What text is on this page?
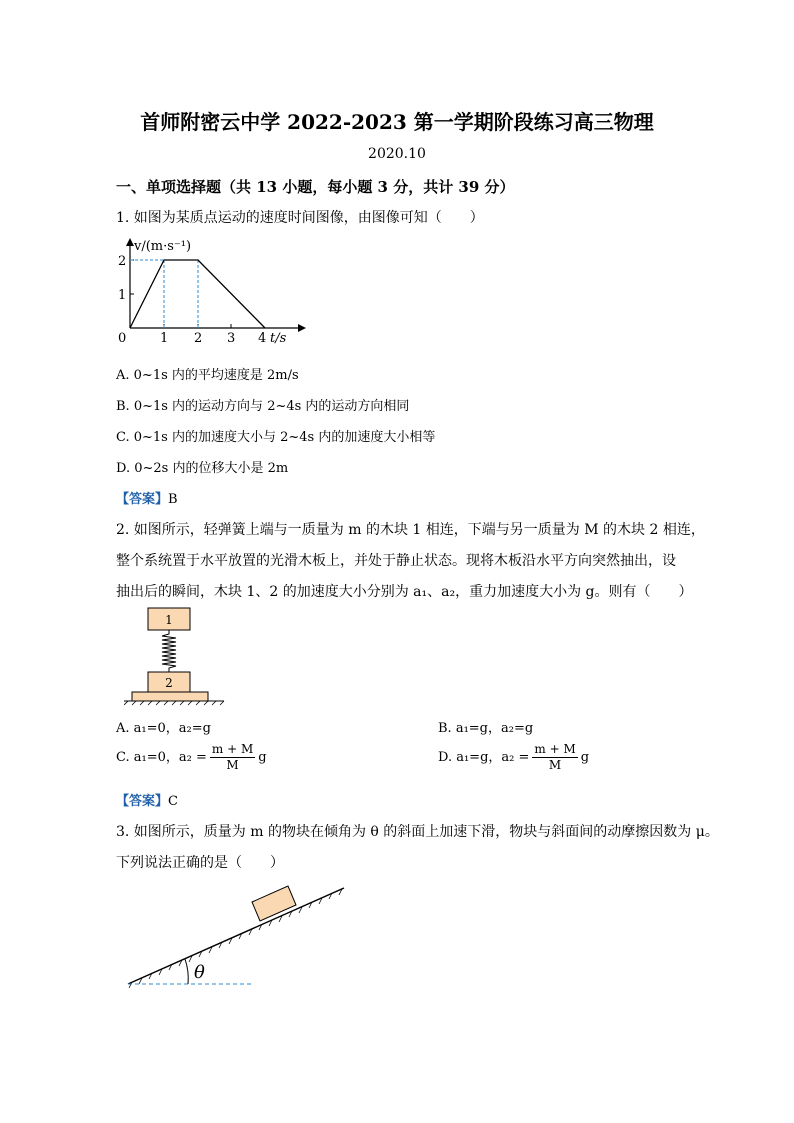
首师附密云中学 2022-2023 第一学期阶段练习高三物理
2020.10
一、单项选择题（共 13 小题，每小题 3 分，共计 39 分）
1. 如图为某质点运动的速度时间图像，由图像可知（　　）
v/(m·s⁻¹)
t/s
2
1
0	1 2 3 4
A. 0~1s 内的平均速度是 2m/s
B. 0~1s 内的运动方向与 2~4s 内的运动方向相同
C. 0~1s 内的加速度大小与 2~4s 内的加速度大小相等
D. 0~2s 内的位移大小是 2m
【答案】B
2. 如图所示，轻弹簧上端与一质量为 m 的木块 1 相连，下端与另一质量为 M 的木块 2 相连，
整个系统置于水平放置的光滑木板上，并处于静止状态。现将木板沿水平方向突然抽出，设
抽出后的瞬间，木块 1、2 的加速度大小分别为 a₁、a₂，重力加速度大小为 g。则有（　　）
1
2
A. a₁=0，a₂=g	B. a₁=g，a₂=g
C. a₁=0，$a_2 = \frac{m + M}{M}$ g	D. a₁=g，$a_2 = \frac{m + M}{M}$ g
【答案】C
3. 如图所示，质量为 m 的物块在倾角为 θ 的斜面上加速下滑，物块与斜面间的动摩擦因数为 μ。
下列说法正确的是（　　）
θ
